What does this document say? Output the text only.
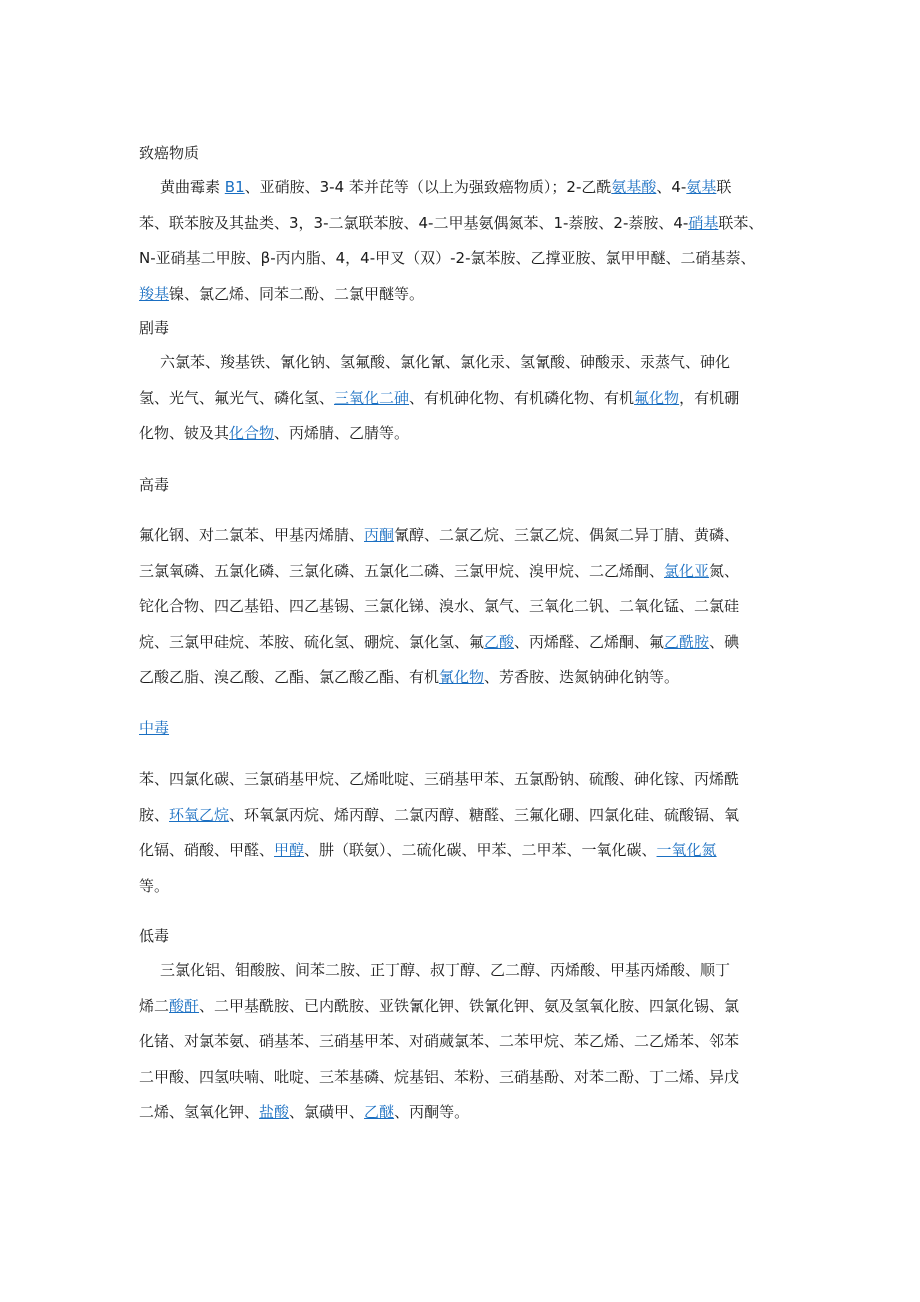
致癌物质
黄曲霉素 B1、亚硝胺、3-4 苯并芘等（以上为强致癌物质）；2-乙酰氨基酸、4-氨基联
苯、联苯胺及其盐类、3，3-二氯联苯胺、4-二甲基氨偶氮苯、1-萘胺、2-萘胺、4-硝基联苯、
N-亚硝基二甲胺、β-丙内脂、4，4-甲叉（双）-2-氯苯胺、乙撑亚胺、氯甲甲醚、二硝基萘、
羧基镍、氯乙烯、同苯二酚、二氯甲醚等。
剧毒
六氯苯、羧基铁、氰化钠、氢氟酸、氯化氰、氯化汞、氢氰酸、砷酸汞、汞蒸气、砷化
氢、光气、氟光气、磷化氢、三氧化二砷、有机砷化物、有机磷化物、有机氟化物，有机硼
化物、铍及其化合物、丙烯腈、乙腈等。
高毒
氟化钢、对二氯苯、甲基丙烯腈、丙酮氰醇、二氯乙烷、三氯乙烷、偶氮二异丁腈、黄磷、
三氯氧磷、五氯化磷、三氯化磷、五氯化二磷、三氯甲烷、溴甲烷、二乙烯酮、氯化亚氮、
铊化合物、四乙基铅、四乙基锡、三氯化锑、溴水、氯气、三氧化二钒、二氧化锰、二氯硅
烷、三氯甲硅烷、苯胺、硫化氢、硼烷、氯化氢、氟乙酸、丙烯醛、乙烯酮、氟乙酰胺、碘
乙酸乙脂、溴乙酸、乙酯、氯乙酸乙酯、有机氰化物、芳香胺、迭氮钠砷化钠等。
中毒
苯、四氯化碳、三氯硝基甲烷、乙烯吡啶、三硝基甲苯、五氯酚钠、硫酸、砷化镓、丙烯酰
胺、环氧乙烷、环氧氯丙烷、烯丙醇、二氯丙醇、糖醛、三氟化硼、四氯化硅、硫酸镉、氧
化镉、硝酸、甲醛、甲醇、肼（联氨）、二硫化碳、甲苯、二甲苯、一氧化碳、一氧化氮
等。
低毒
三氯化铝、钼酸胺、间苯二胺、正丁醇、叔丁醇、乙二醇、丙烯酸、甲基丙烯酸、顺丁
烯二酸酐、二甲基酰胺、已内酰胺、亚铁氰化钾、铁氰化钾、氨及氢氧化胺、四氯化锡、氯
化锗、对氯苯氨、硝基苯、三硝基甲苯、对硝蒇氯苯、二苯甲烷、苯乙烯、二乙烯苯、邻苯
二甲酸、四氢呋喃、吡啶、三苯基磷、烷基铝、苯粉、三硝基酚、对苯二酚、丁二烯、异戊
二烯、氢氧化钾、盐酸、氯磺甲、乙醚、丙酮等。
